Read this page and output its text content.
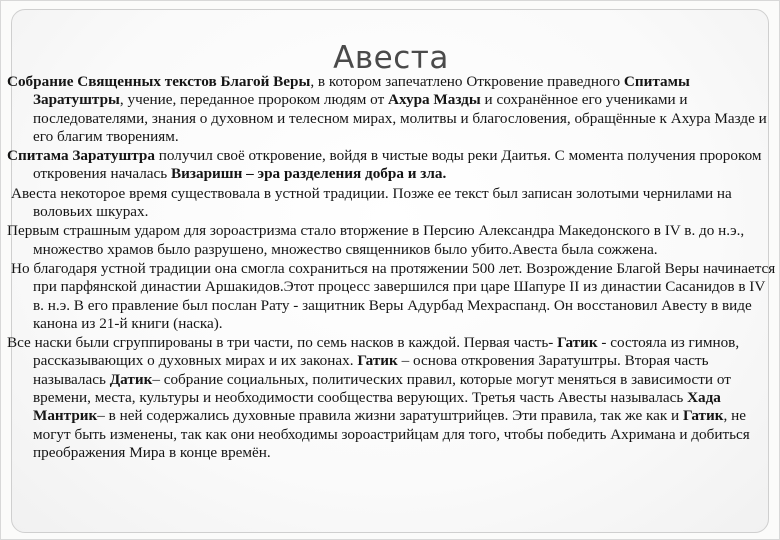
Авеста

Собрание Священных текстов Благой Веры, в котором запечатлено Откровение праведного Спитамы Заратуштры, учение, переданное пророком людям от Ахура Мазды и сохранённое его учениками и последователями, знания о духовном и телесном мирах, молитвы и благословения, обращённые к Ахура Мазде и его благим творениям.

Спитама Заратуштра получил своё откровение, войдя в чистые воды реки Даитья. С момента получения пророком откровения началась Визаришн – эра разделения добра и зла.

Авеста некоторое время существовала в устной традиции. Позже ее текст был записан золотыми чернилами на воловьих шкурах.

Первым страшным ударом для зороастризма стало вторжение в Персию Александра Македонского в IV в. до н.э., множество храмов было разрушено, множество священников было убито.Авеста была сожжена.

Но благодаря устной традиции она смогла сохраниться на протяжении 500 лет. Возрождение Благой Веры начинается при парфянской династии Аршакидов.Этот процесс завершился при царе Шапуре II из династии Сасанидов в IV в. н.э. В его правление был послан Рату - защитник Веры Адурбад Мехраспанд. Он восстановил Авесту в виде канона из 21-й книги (наска).

Все наски были сгруппированы в три части, по семь насков в каждой. Первая часть- Гатик - состояла из гимнов, рассказывающих о духовных мирах и их законах. Гатик – основа откровения Заратуштры. Вторая часть называлась Датик– собрание социальных, политических правил, которые могут меняться в зависимости от времени, места, культуры и необходимости сообщества верующих. Третья часть Авесты называлась Хада Мантрик– в ней содержались духовные правила жизни заратуштрийцев. Эти правила, так же как и Гатик, не могут быть изменены, так как они необходимы зороастрийцам для того, чтобы победить Ахримана и добиться преображения Мира в конце времён.
